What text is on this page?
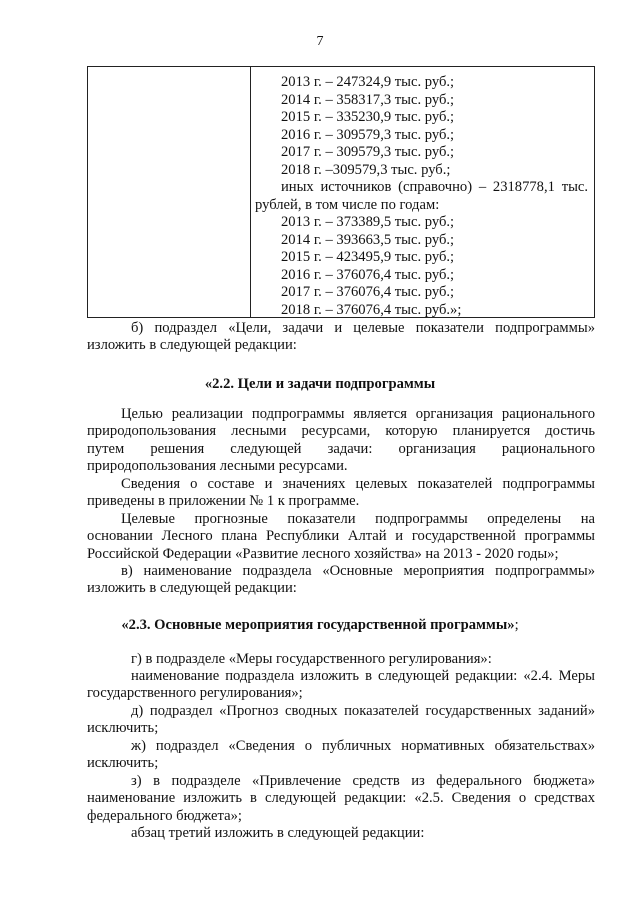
7
2013 г. – 247324,9 тыс. руб.;
2014 г. – 358317,3 тыс. руб.;
2015 г. – 335230,9 тыс. руб.;
2016 г. – 309579,3 тыс. руб.;
2017 г. – 309579,3 тыс. руб.;
2018 г. –309579,3 тыс. руб.;
иных источников (справочно) – 2318778,1 тыс.
рублей, в том числе по годам:
2013 г. – 373389,5 тыс. руб.;
2014 г. – 393663,5 тыс. руб.;
2015 г. – 423495,9 тыс. руб.;
2016 г. – 376076,4 тыс. руб.;
2017 г. – 376076,4 тыс. руб.;
2018 г. – 376076,4 тыс. руб.»;
б) подраздел «Цели, задачи и целевые показатели подпрограммы»
изложить в следующей редакции:
«2.2. Цели и задачи подпрограммы
Целью реализации подпрограммы является организация рационального
природопользования лесными ресурсами, которую планируется достичь
путем решения следующей задачи: организация рационального
природопользования лесными ресурсами.
Сведения о составе и значениях целевых показателей подпрограммы
приведены в приложении № 1 к программе.
Целевые прогнозные показатели подпрограммы определены на
основании Лесного плана Республики Алтай и государственной программы
Российской Федерации «Развитие лесного хозяйства» на 2013 - 2020 годы»;
в) наименование подраздела «Основные мероприятия подпрограммы»
изложить в следующей редакции:
«2.3. Основные мероприятия государственной программы»;
г) в подразделе «Меры государственного регулирования»:
наименование подраздела изложить в следующей редакции: «2.4. Меры
государственного регулирования»;
д) подраздел «Прогноз сводных показателей государственных заданий»
исключить;
ж) подраздел «Сведения о публичных нормативных обязательствах»
исключить;
з) в подразделе «Привлечение средств из федерального бюджета»
наименование изложить в следующей редакции: «2.5. Сведения о средствах
федерального бюджета»;
абзац третий изложить в следующей редакции:
